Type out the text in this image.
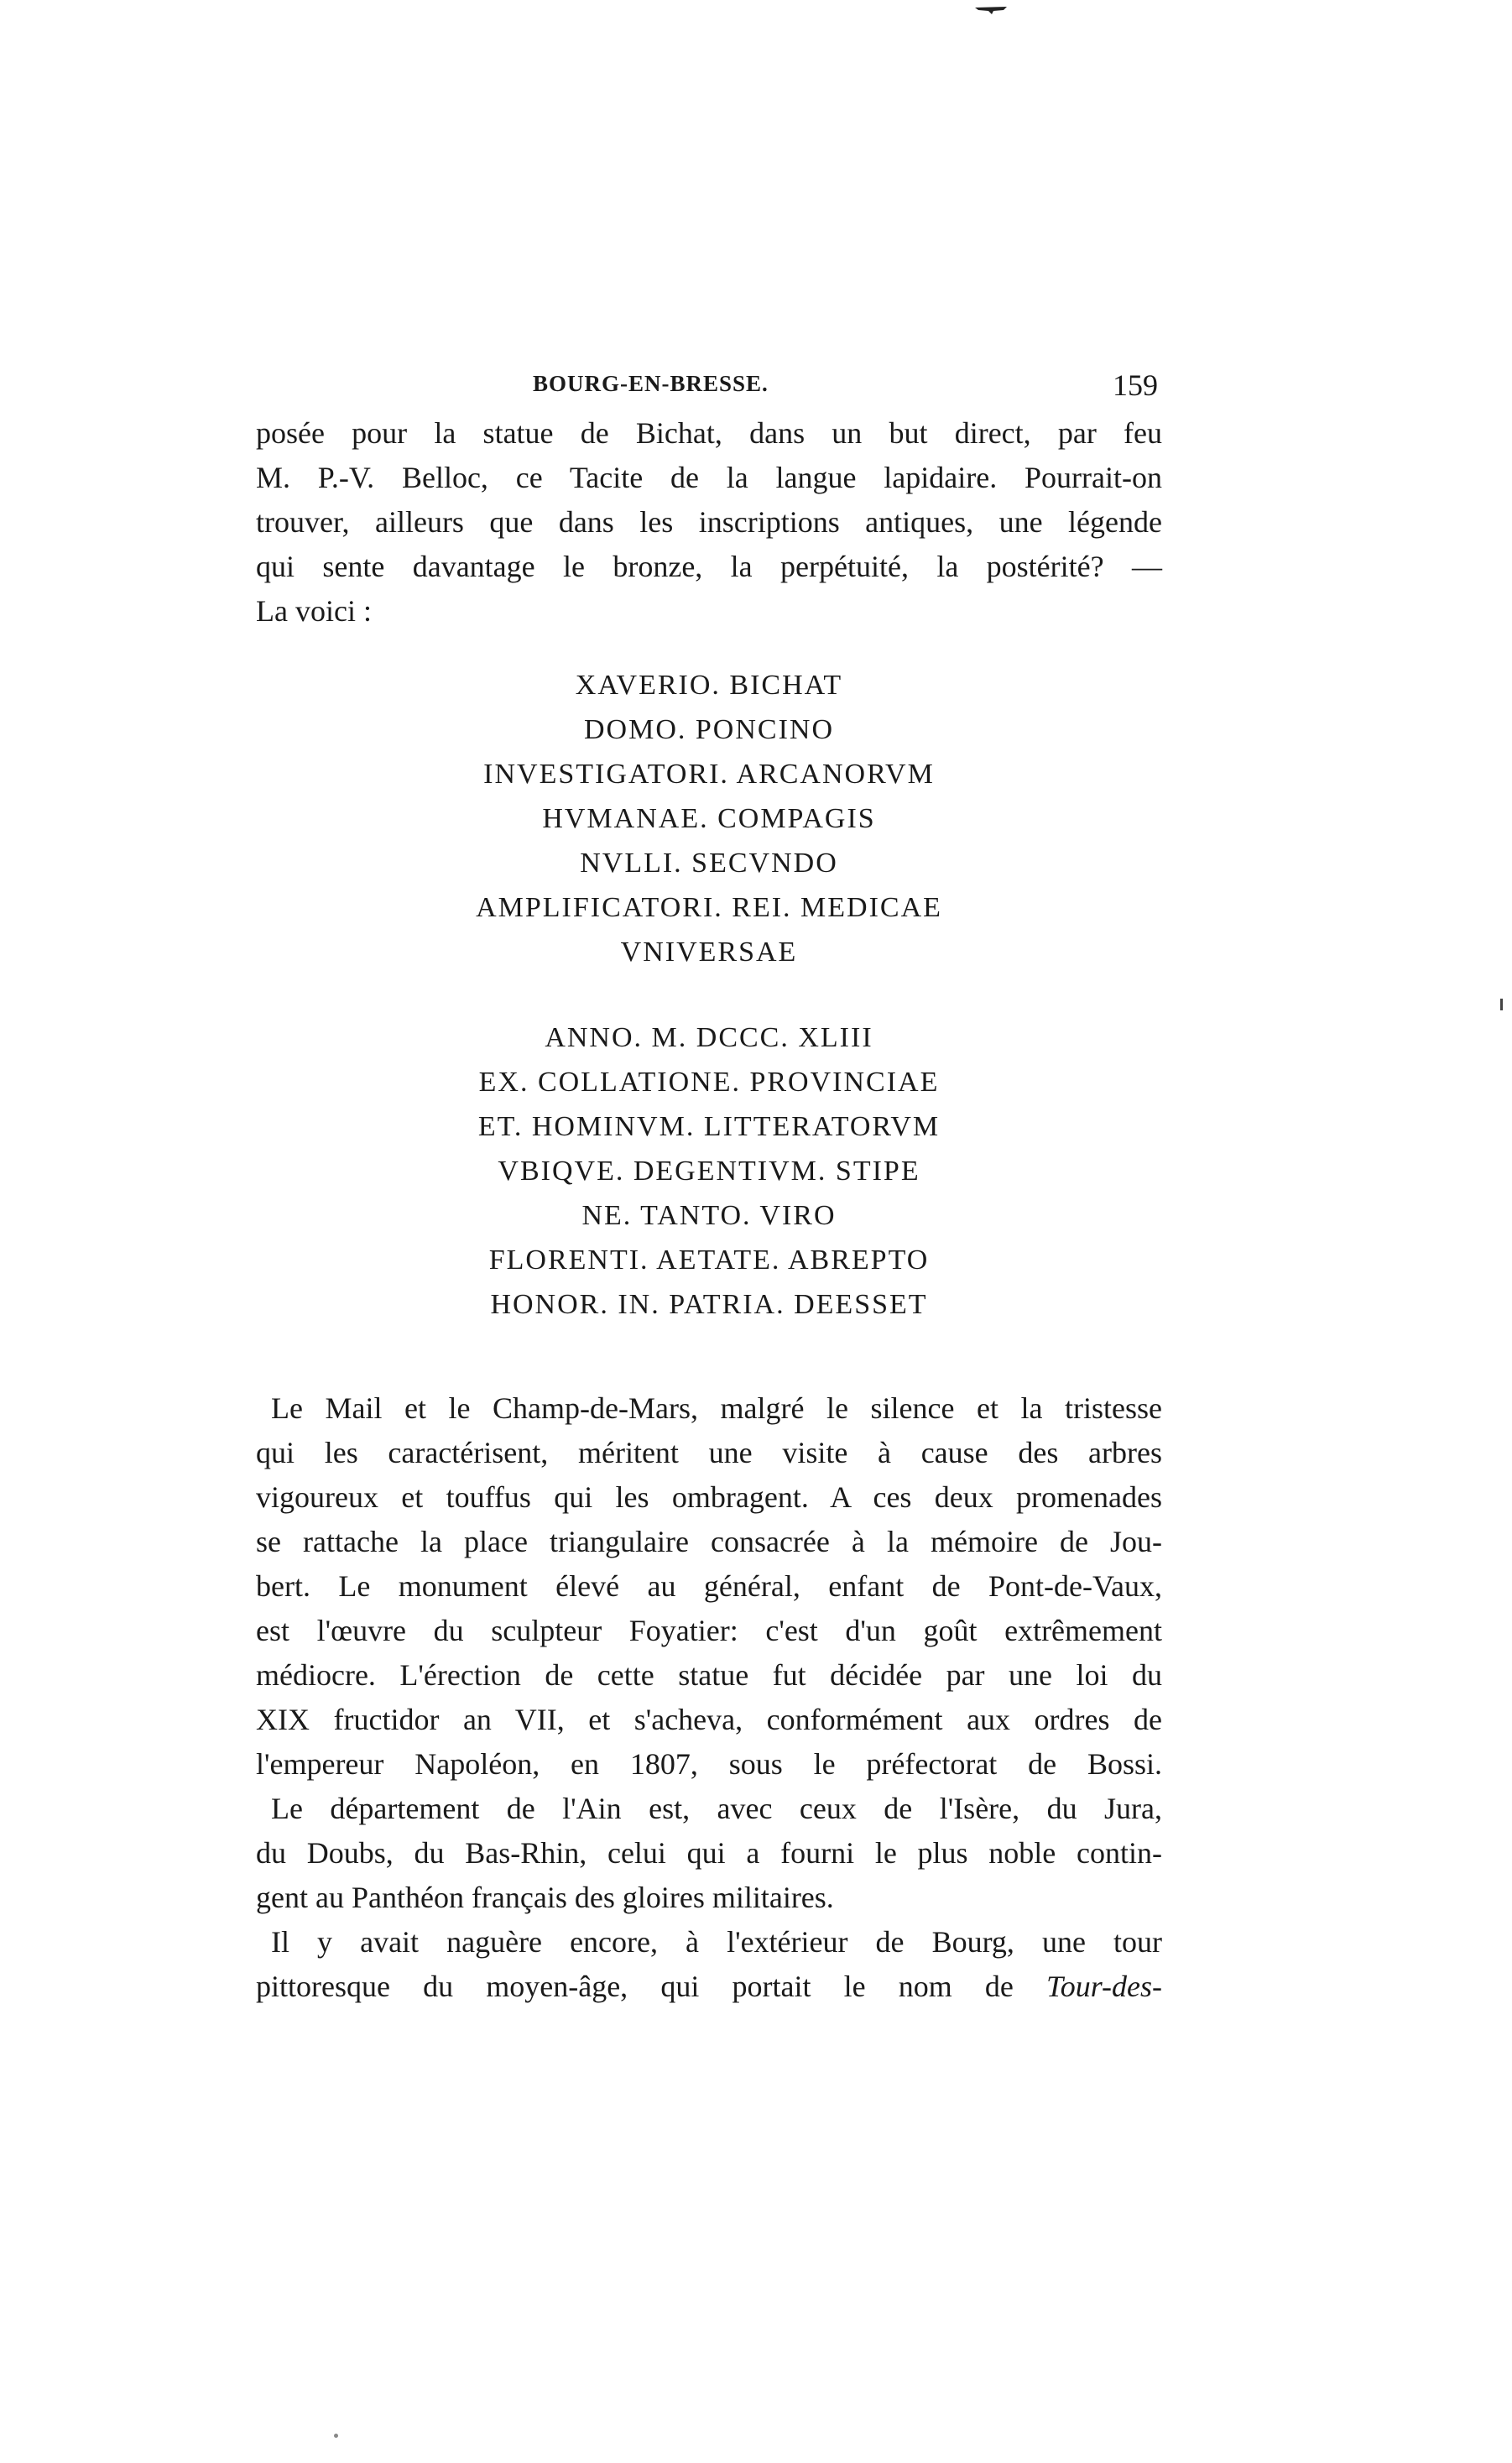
BOURG-EN-BRESSE.	159
posée pour la statue de Bichat, dans un but direct, par feu
M. P.-V. Belloc, ce Tacite de la langue lapidaire. Pourrait-on
trouver, ailleurs que dans les inscriptions antiques, une légende
qui sente davantage le bronze, la perpétuité, la postérité? —
La voici :
XAVERIO. BICHAT
DOMO. PONCINO
INVESTIGATORI. ARCANORVM
HVMANAE. COMPAGIS
NVLLI. SECVNDO
AMPLIFICATORI. REI. MEDICAE
VNIVERSAE
ANNO. M. DCCC. XLIII
EX. COLLATIONE. PROVINCIAE
ET. HOMINVM. LITTERATORVM
VBIQVE. DEGENTIVM. STIPE
NE. TANTO. VIRO
FLORENTI. AETATE. ABREPTO
HONOR. IN. PATRIA. DEESSET
Le Mail et le Champ-de-Mars, malgré le silence et la tristesse
qui les caractérisent, méritent une visite à cause des arbres
vigoureux et touffus qui les ombragent. A ces deux promenades
se rattache la place triangulaire consacrée à la mémoire de Jou-
bert. Le monument élevé au général, enfant de Pont-de-Vaux,
est l'œuvre du sculpteur Foyatier: c'est d'un goût extrêmement
médiocre. L'érection de cette statue fut décidée par une loi du
XIX fructidor an VII, et s'acheva, conformément aux ordres de
l'empereur Napoléon, en 1807, sous le préfectorat de Bossi.
Le département de l'Ain est, avec ceux de l'Isère, du Jura,
du Doubs, du Bas-Rhin, celui qui a fourni le plus noble contin-
gent au Panthéon français des gloires militaires.
Il y avait naguère encore, à l'extérieur de Bourg, une tour
pittoresque du moyen-âge, qui portait le nom de Tour-des-
